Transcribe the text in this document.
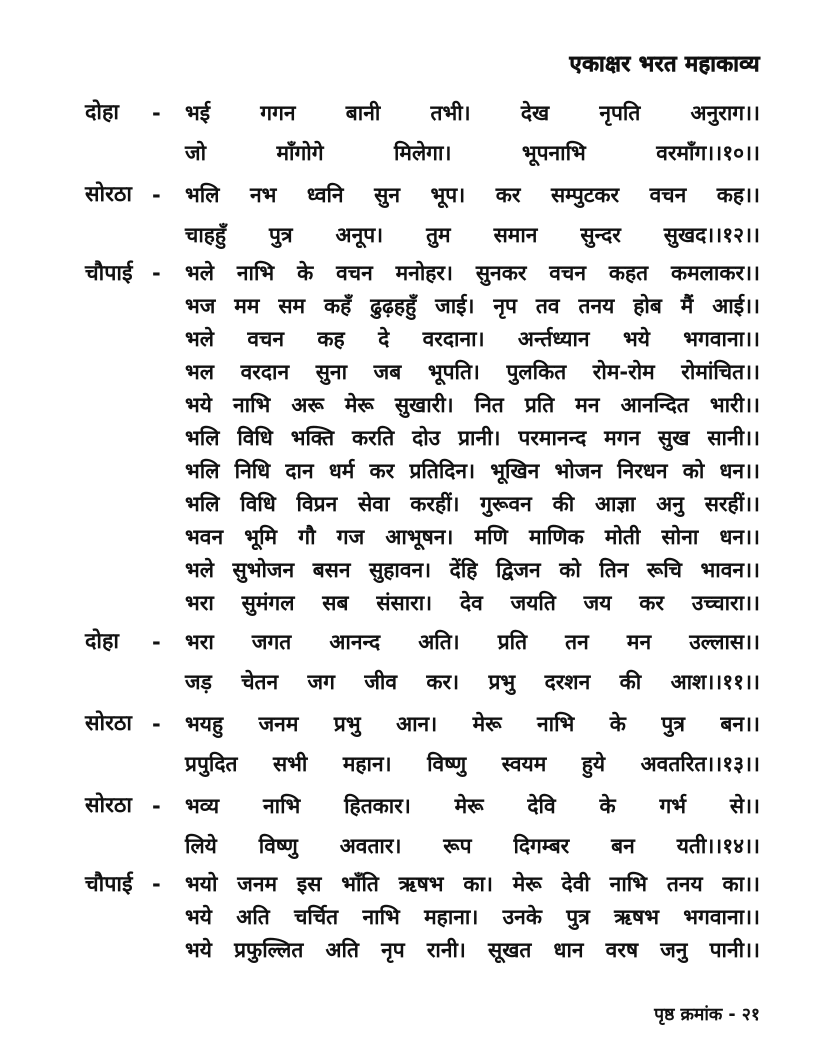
एकाक्षर भरत महाकाव्य
दोहा	-	भई गगन बानी तभी। देख नृपति अनुराग।।
जो माँगोगे मिलेगा। भूपनाभि वरमाँग।।१०।।
सोरठा -	भलि नभ ध्वनि सुन भूप। कर सम्पुटकर वचन कह।।
चाहहुँ पुत्र अनूप। तुम समान सुन्दर सुखद।।१२।।
चौपाई -	भले नाभि के वचन मनोहर। सुनकर वचन कहत कमलाकर।।
भज मम सम कहँ ढुढ़हहुँ जाई। नृप तव तनय होब मैं आई।।
भले वचन कह दे वरदाना। अर्न्तध्यान भये भगवाना।।
भल वरदान सुना जब भूपति। पुलकित रोम-रोम रोमांचित।।
भये नाभि अरू मेरू सुखारी। नित प्रति मन आनन्दित भारी।।
भलि विधि भक्ति करति दोउ प्रानी। परमानन्द मगन सुख सानी।।
भलि निधि दान धर्म कर प्रतिदिन। भूखिन भोजन निरधन को धन।।
भलि विधि विप्रन सेवा करहीं। गुरूवन की आज्ञा अनु सरहीं।।
भवन भूमि गौ गज आभूषन। मणि माणिक मोती सोना धन।।
भले सुभोजन बसन सुहावन। देंहि द्विजन को तिन रूचि भावन।।
भरा सुमंगल सब संसारा। देव जयति जय कर उच्चारा।।
दोहा	-	भरा जगत आनन्द अति। प्रति तन मन उल्लास।।
जड़ चेतन जग जीव कर। प्रभु दरशन की आश।।११।।
सोरठा -	भयहु जनम प्रभु आन। मेरू नाभि के पुत्र बन।।
प्रपुदित सभी महान। विष्णु स्वयम हुये अवतरित।।१३।।
सोरठा -	भव्य नाभि हितकार। मेरू देवि के गर्भ से।।
लिये विष्णु अवतार। रूप दिगम्बर बन यती।।१४।।
चौपाई -	भयो जनम इस भाँति ऋषभ का। मेरू देवी नाभि तनय का।।
भये अति चर्चित नाभि महाना। उनके पुत्र ऋषभ भगवाना।।
भये प्रफुल्लित अति नृप रानी। सूखत धान वरष जनु पानी।।
पृष्ठ क्रमांक - २१
